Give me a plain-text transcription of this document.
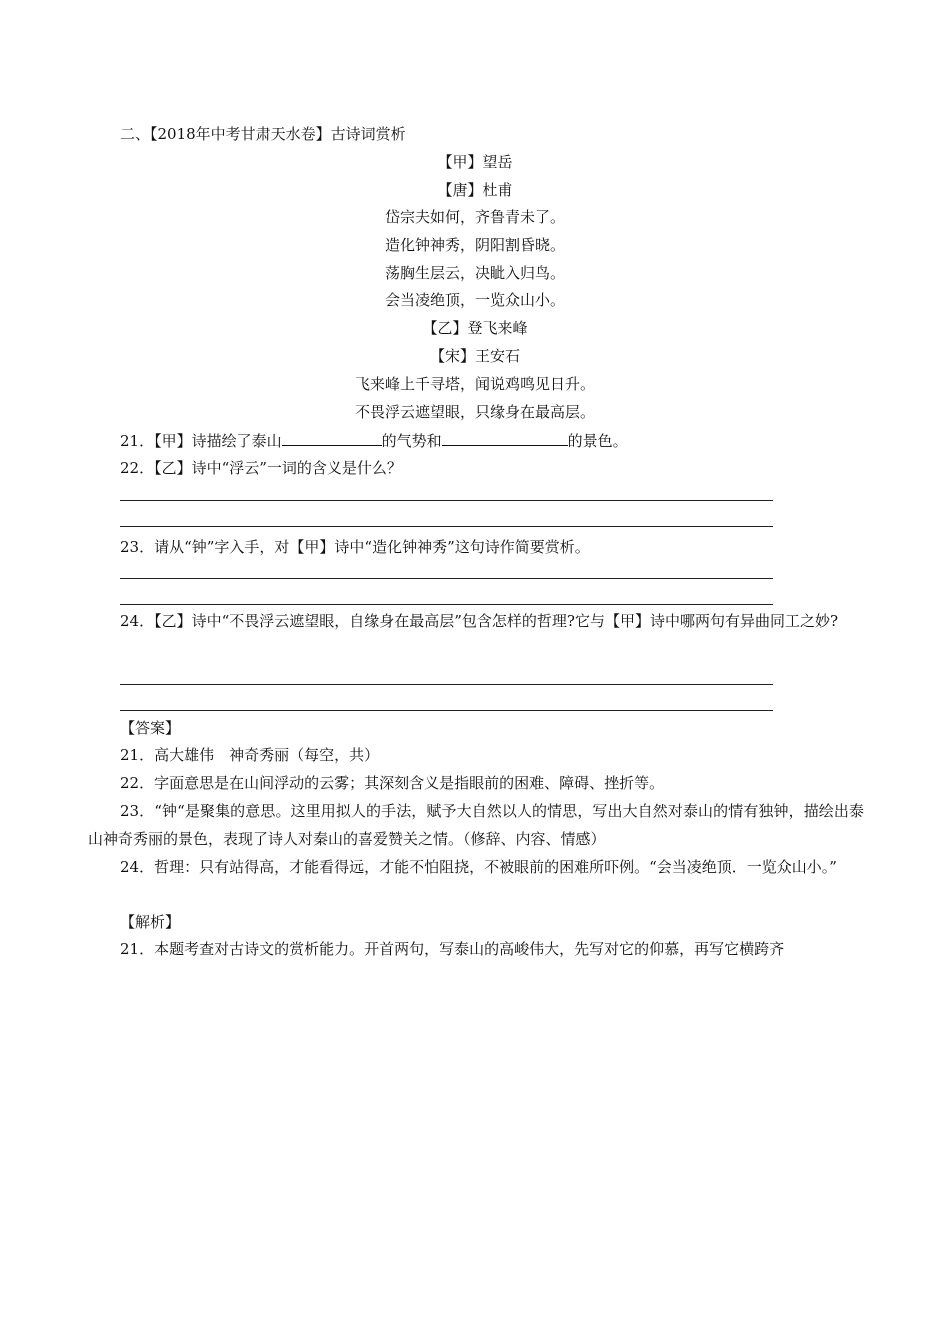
二、【2018年中考甘肃天水卷】古诗词赏析
【甲】望岳
【唐】杜甫
岱宗夫如何，齐鲁青未了。
造化钟神秀，阴阳割昏晓。
荡胸生层云，决眦入归鸟。
会当凌绝顶，一览众山小。
【乙】登飞来峰
【宋】王安石
飞来峰上千寻塔，闻说鸡鸣见日升。
不畏浮云遮望眼，只缘身在最高层。
21．【甲】诗描绘了泰山	的气势和	的景色。
22．【乙】诗中“浮云”一词的含义是什么？
23．请从“钟”字入手，对【甲】诗中“造化钟神秀”这句诗作简要赏析。
24．【乙】诗中“不畏浮云遮望眼，自缘身在最高层”包含怎样的哲理?它与【甲】诗中哪两句有异曲同工之妙?
【答案】
21．高大雄伟　神奇秀丽（每空，共）
22．字面意思是在山间浮动的云雾；其深刻含义是指眼前的困难、障碍、挫折等。
23．“钟“是聚集的意思。这里用拟人的手法，赋予大自然以人的情思，写出大自然对泰山的情有独钟，描绘出泰山神奇秀丽的景色，表现了诗人对秦山的喜爱赞关之情。（修辞、内容、情感）
24．哲理：只有站得高，才能看得远，才能不怕阻挠，不被眼前的困难所吓例。“会当凌绝顶．一览众山小。”
【解析】
21．本题考查对古诗文的赏析能力。开首两句，写泰山的高峻伟大，先写对它的仰慕，再写它横跨齐
